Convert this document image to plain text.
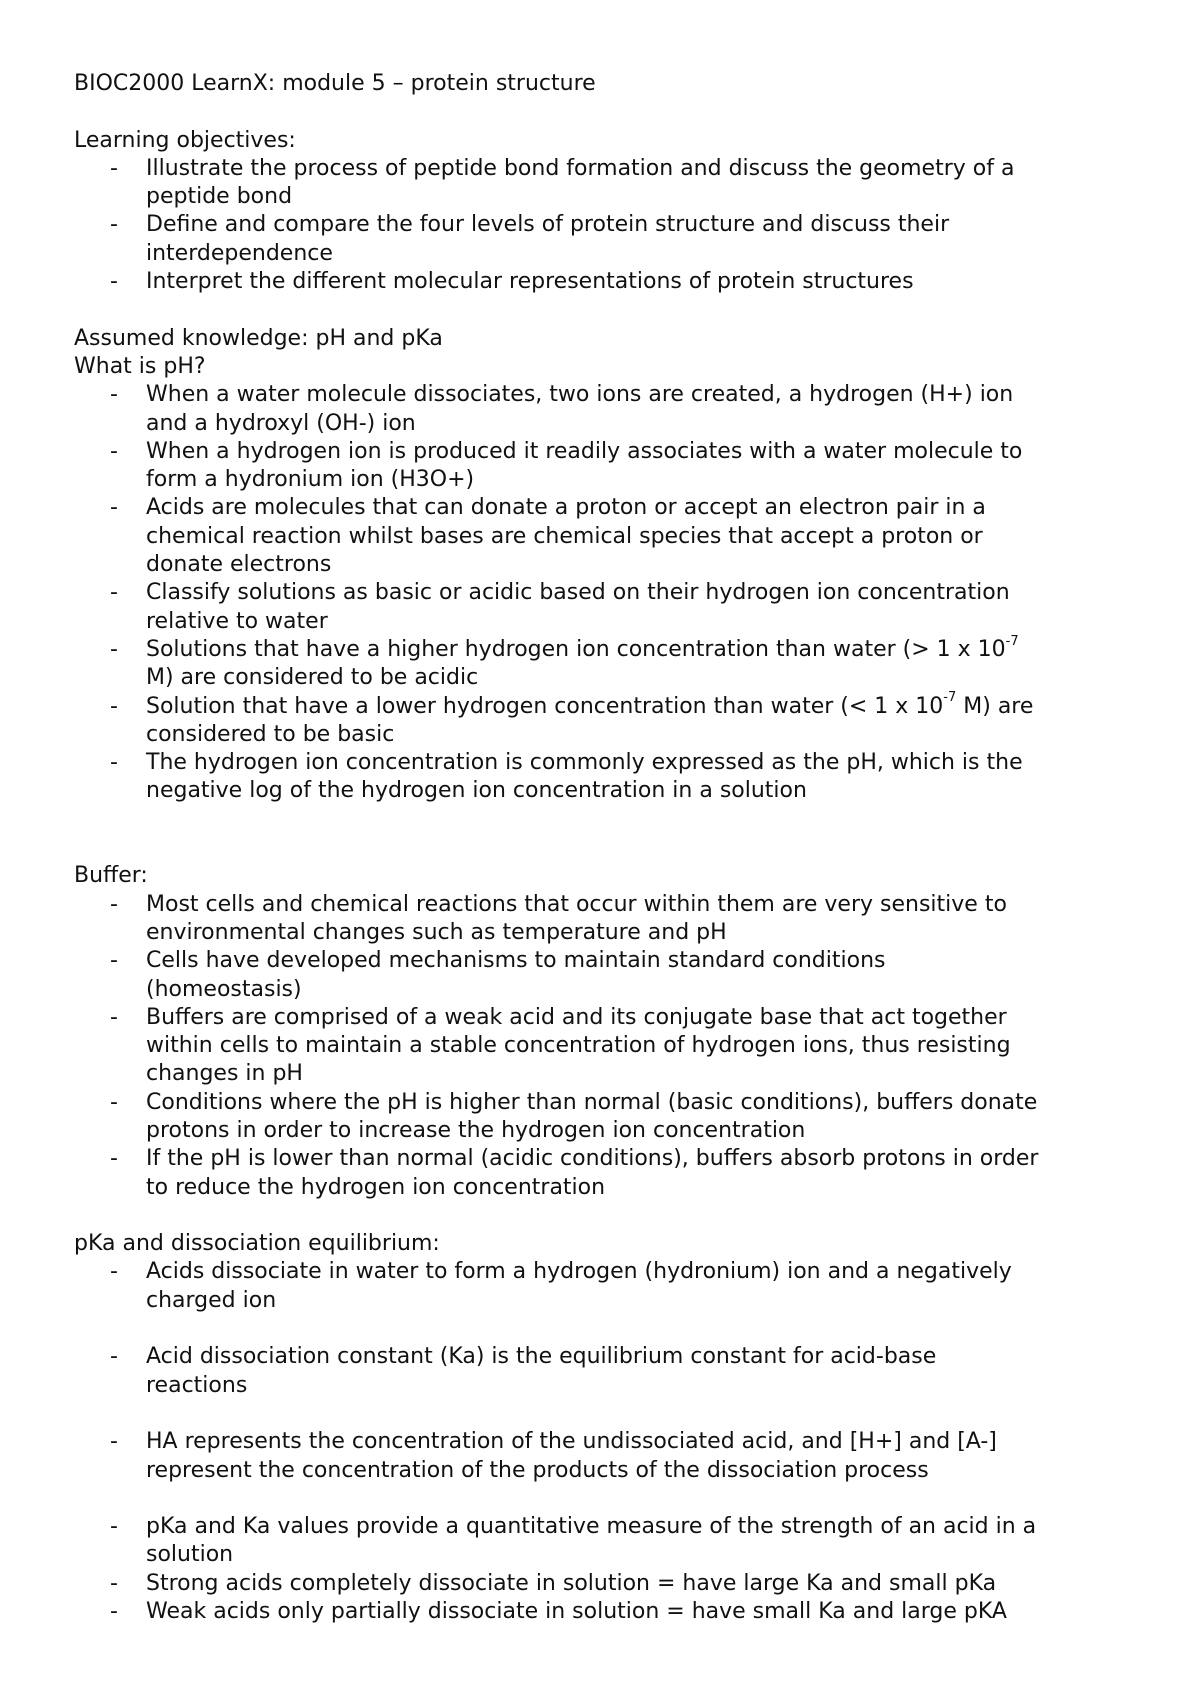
BIOC2000 LearnX: module 5 – protein structure

Learning objectives:

- Illustrate the process of peptide bond formation and discuss the geometry of a
peptide bond
- Define and compare the four levels of protein structure and discuss their
interdependence
- Interpret the different molecular representations of protein structures

Assumed knowledge: pH and pKa

What is pH?

- When a water molecule dissociates, two ions are created, a hydrogen (H+) ion
and a hydroxyl (OH-) ion
- When a hydrogen ion is produced it readily associates with a water molecule to
form a hydronium ion (H3O+)
- Acids are molecules that can donate a proton or accept an electron pair in a
chemical reaction whilst bases are chemical species that accept a proton or
donate electrons
- Classify solutions as basic or acidic based on their hydrogen ion concentration
relative to water
- Solutions that have a higher hydrogen ion concentration than water (> 1 x $10^{-7}$
M) are considered to be acidic
- Solution that have a lower hydrogen concentration than water (< 1 x $10^{-7}$ M) are
considered to be basic
- The hydrogen ion concentration is commonly expressed as the pH, which is the
negative log of the hydrogen ion concentration in a solution

Buffer:

- Most cells and chemical reactions that occur within them are very sensitive to
environmental changes such as temperature and pH
- Cells have developed mechanisms to maintain standard conditions
(homeostasis)
- Buffers are comprised of a weak acid and its conjugate base that act together
within cells to maintain a stable concentration of hydrogen ions, thus resisting
changes in pH
- Conditions where the pH is higher than normal (basic conditions), buffers donate
protons in order to increase the hydrogen ion concentration
- If the pH is lower than normal (acidic conditions), buffers absorb protons in order
to reduce the hydrogen ion concentration

pKa and dissociation equilibrium:

- Acids dissociate in water to form a hydrogen (hydronium) ion and a negatively
charged ion
- Acid dissociation constant (Ka) is the equilibrium constant for acid-base
reactions
- HA represents the concentration of the undissociated acid, and [H+] and [A-]
represent the concentration of the products of the dissociation process
- pKa and Ka values provide a quantitative measure of the strength of an acid in a
solution
- Strong acids completely dissociate in solution = have large Ka and small pKa
- Weak acids only partially dissociate in solution = have small Ka and large pKA
